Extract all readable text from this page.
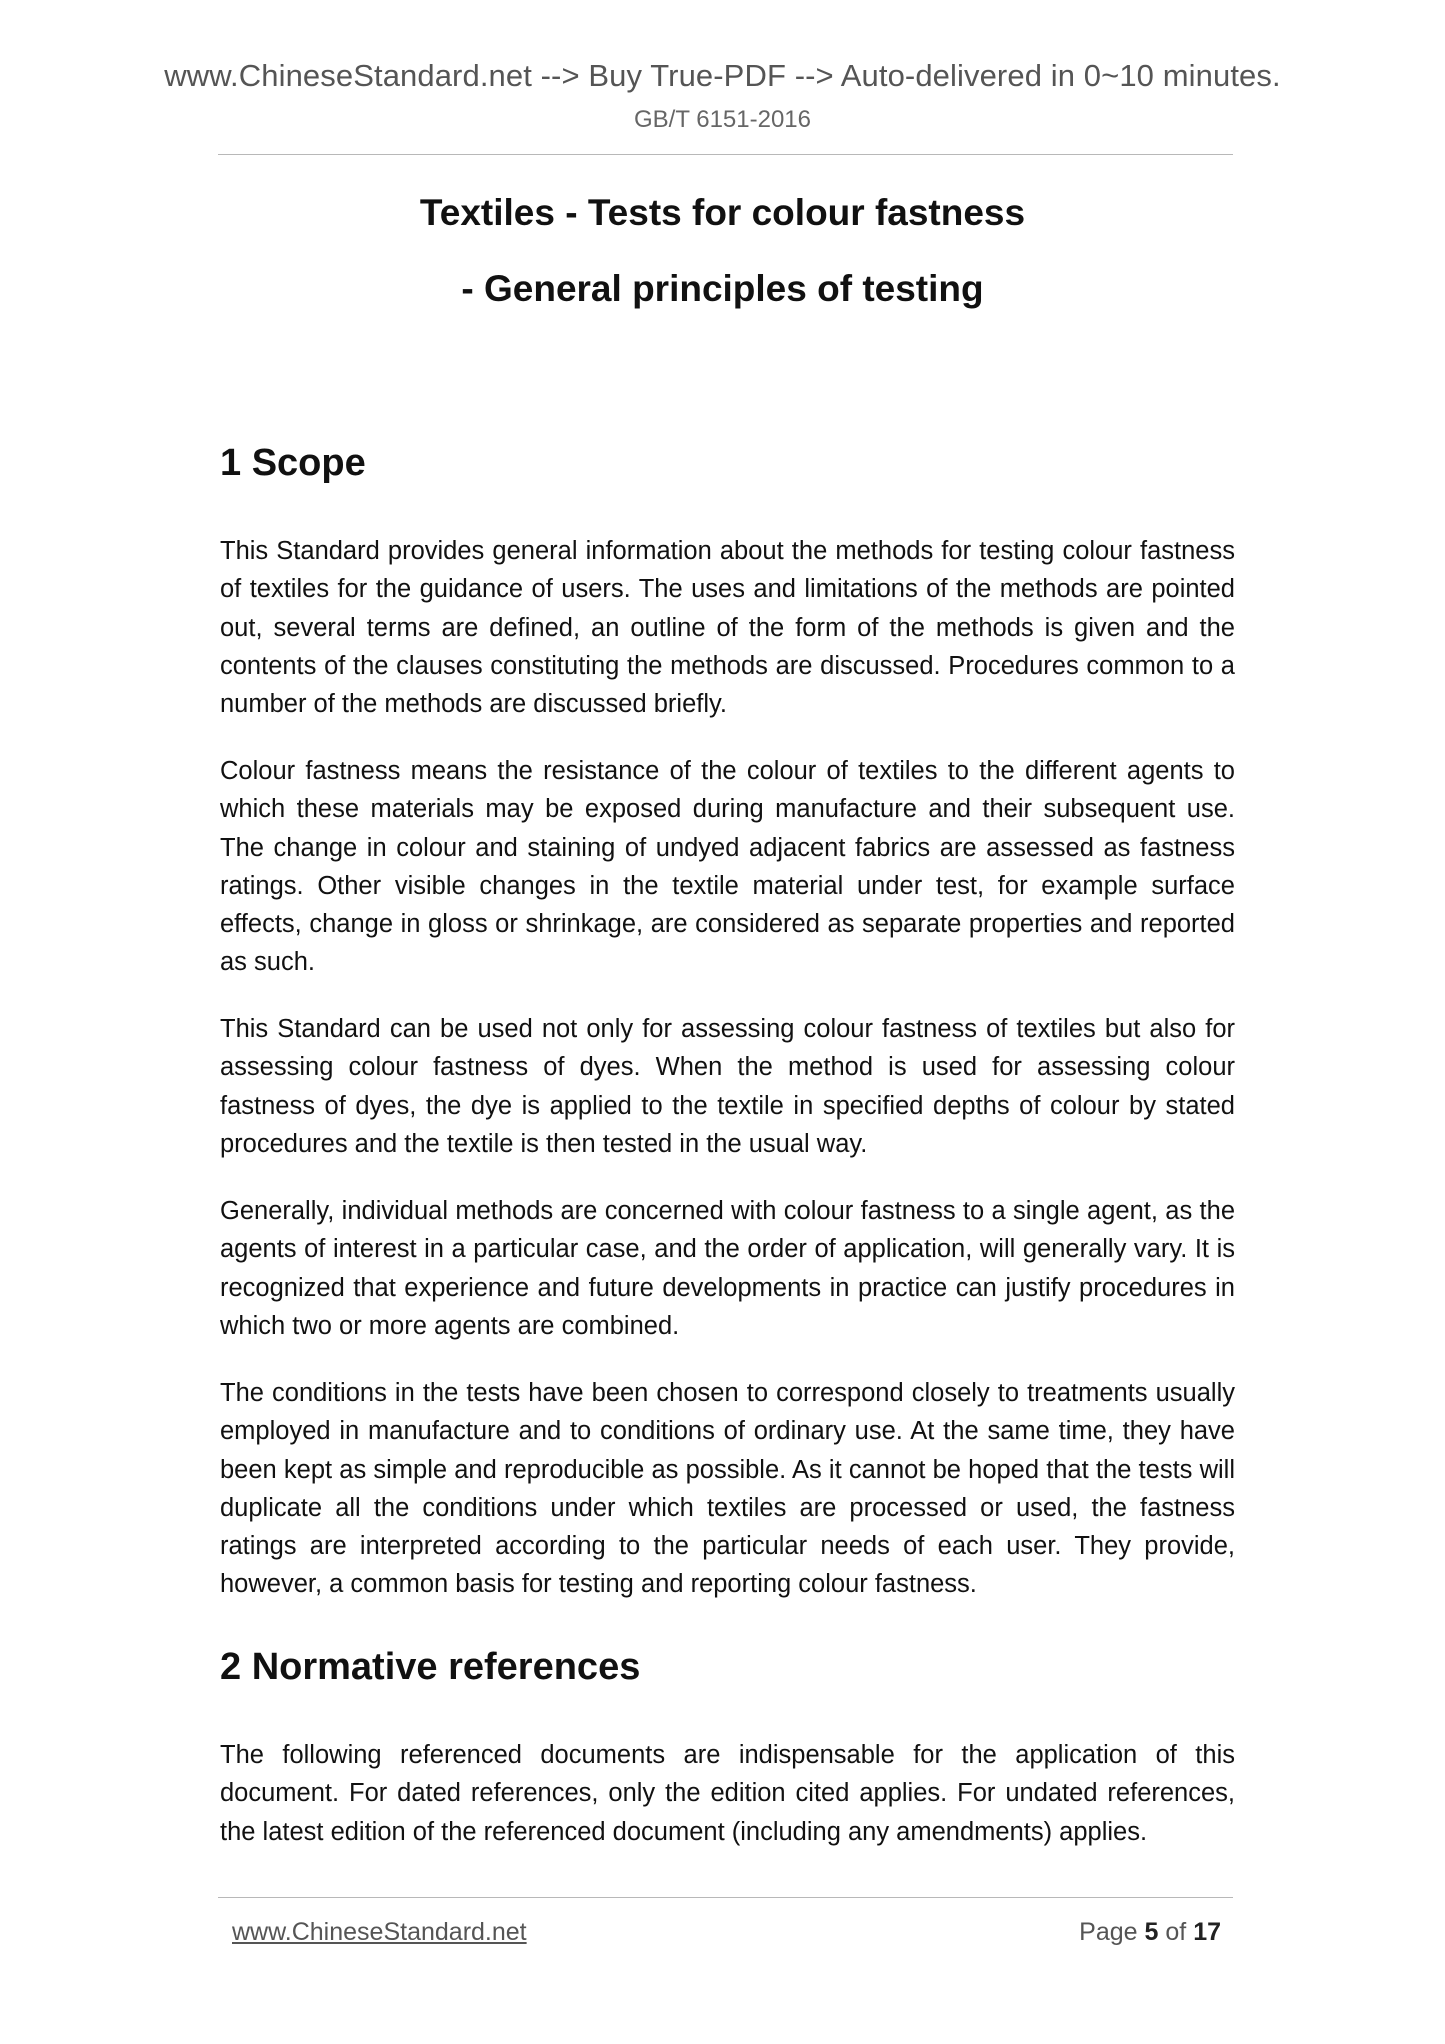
www.ChineseStandard.net --> Buy True-PDF --> Auto-delivered in 0~10 minutes.
GB/T 6151-2016
Textiles - Tests for colour fastness
- General principles of testing
1 Scope

This Standard provides general information about the methods for testing colour fastness of textiles for the guidance of users. The uses and limitations of the methods are pointed out, several terms are defined, an outline of the form of the methods is given and the contents of the clauses constituting the methods are discussed. Procedures common to a number of the methods are discussed briefly.

Colour fastness means the resistance of the colour of textiles to the different agents to which these materials may be exposed during manufacture and their subsequent use. The change in colour and staining of undyed adjacent fabrics are assessed as fastness ratings. Other visible changes in the textile material under test, for example surface effects, change in gloss or shrinkage, are considered as separate properties and reported as such.

This Standard can be used not only for assessing colour fastness of textiles but also for assessing colour fastness of dyes. When the method is used for assessing colour fastness of dyes, the dye is applied to the textile in specified depths of colour by stated procedures and the textile is then tested in the usual way.

Generally, individual methods are concerned with colour fastness to a single agent, as the agents of interest in a particular case, and the order of application, will generally vary. It is recognized that experience and future developments in practice can justify procedures in which two or more agents are combined.

The conditions in the tests have been chosen to correspond closely to treatments usually employed in manufacture and to conditions of ordinary use. At the same time, they have been kept as simple and reproducible as possible. As it cannot be hoped that the tests will duplicate all the conditions under which textiles are processed or used, the fastness ratings are interpreted according to the particular needs of each user. They provide, however, a common basis for testing and reporting colour fastness.

2 Normative references

The following referenced documents are indispensable for the application of this document. For dated references, only the edition cited applies. For undated references, the latest edition of the referenced document (including any amendments) applies.

www.ChineseStandard.net	Page 5 of 17
